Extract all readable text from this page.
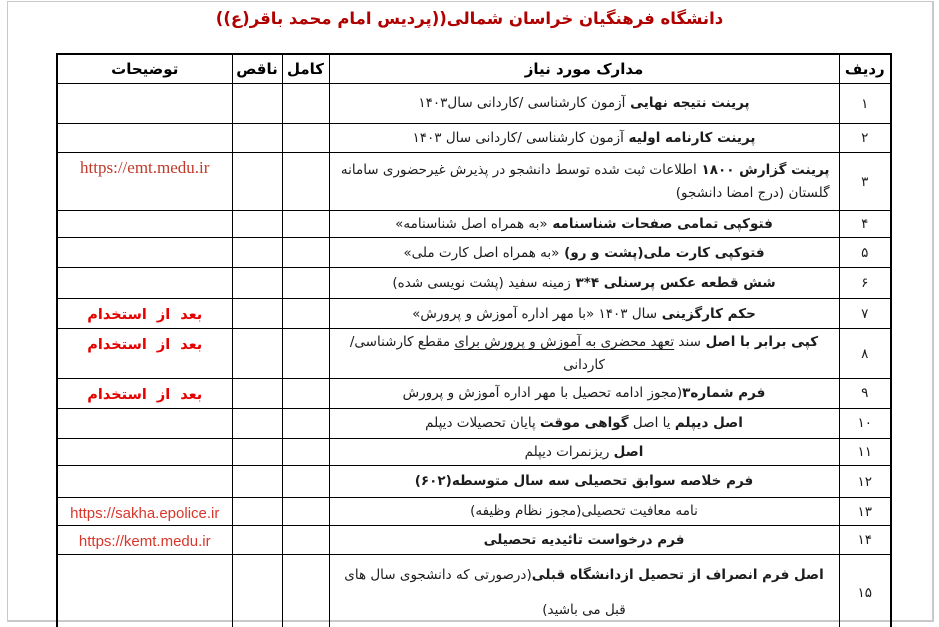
دانشگاه فرهنگیان خراسان شمالی((پردیس امام محمد باقر(ع))
ردیف	مدارک مورد نیاز	کامل	ناقص	توضیحات
۱	پرینت نتیجه نهایی آزمون کارشناسی /کاردانی سال۱۴۰۳			
۲	پرینت کارنامه اولیه آزمون کارشناسی /کاردانی سال ۱۴۰۳			
۳	پرینت گزارش ۱۸۰۰ اطلاعات ثبت شده توسط دانشجو در پذیرش غیرحضوری سامانه گلستان (درج امضا دانشجو)			https://emt.medu.ir
۴	فتوکپی تمامی صفحات شناسنامه «به همراه اصل شناسنامه»			
۵	فتوکپی کارت ملی(پشت و رو) «به همراه اصل کارت ملی»			
۶	شش قطعه عکس پرسنلی ۴*۳ زمینه سفید (پشت نویسی شده)			
۷	حکم کارگزینی سال ۱۴۰۳ «با مهر اداره آموزش و پرورش»			بعد از استخدام
۸	کپی برابر با اصل سند تعهد محضری به آموزش و پرورش برای مقطع کارشناسی/کاردانی			بعد از استخدام
۹	فرم شماره۳(مجوز ادامه تحصیل با مهر اداره آموزش و پرورش			بعد از استخدام
۱۰	اصل دیپلم یا اصل گواهی موقت پایان تحصیلات دیپلم			
۱۱	اصل ریزنمرات دیپلم			
۱۲	فرم خلاصه سوابق تحصیلی سه سال متوسطه(۶۰۲)			
۱۳	نامه معافیت تحصیلی(مجوز نظام وظیفه)			https://sakha.epolice.ir
۱۴	فرم درخواست تائیدیه تحصیلی			https://kemt.medu.ir
۱۵	اصل فرم انصراف از تحصیل ازدانشگاه قبلی(درصورتی که دانشجوی سال های قبل می باشید)			
